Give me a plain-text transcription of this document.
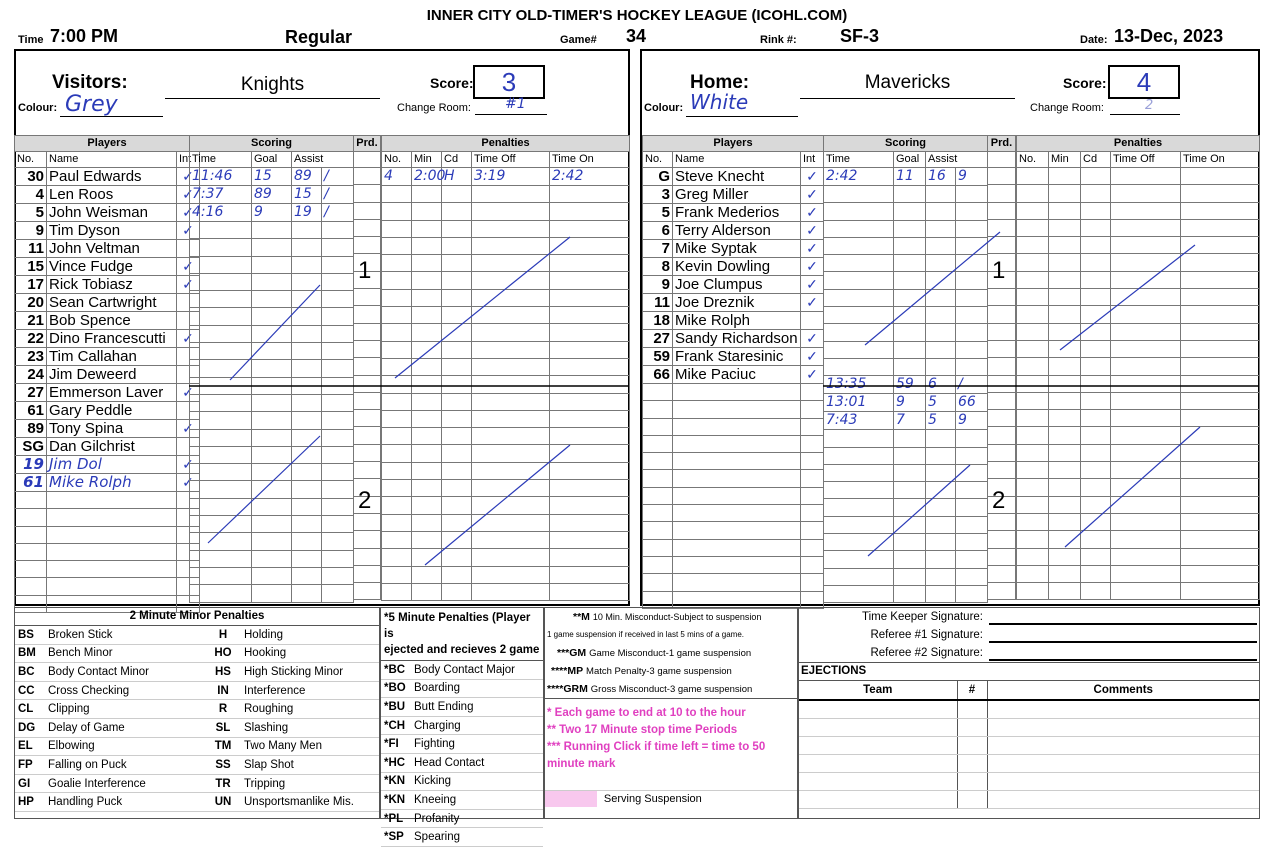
INNER CITY OLD-TIMER'S HOCKEY LEAGUE (ICOHL.COM)
Time 7:00 PM	Regular	Game# 34	Rink #: SF-3	Date: 13-Dec, 2023
Visitors:	Knights
Colour: Grey
Score:	3
Change Room: #1
Players		
No.	Name	Int
30	Paul Edwards	✓
4	Len Roos	✓
5	John Weisman	✓
9	Tim Dyson	✓
11	John Veltman	
15	Vince Fudge	✓
17	Rick Tobiasz	✓
20	Sean Cartwright	
21	Bob Spence	
22	Dino Francescutti	✓
23	Tim Callahan	
24	Jim Deweerd	
27	Emmerson Laver	✓
61	Gary Peddle	
89	Tony Spina	✓
SG	Dan Gilchrist	
19	Jim Dol	✓
61	Mike Rolph	✓

Scoring			
Time	Goal	Assist	
11:46	15	89	/
7:37	89	15	/
4:16	9	19	/

Prd.	Penalties				
No.	Min	Cd	Time Off	Time On
4	2:00	H	3:19	2:42

1
2
Home:	Mavericks
Colour: White
Score:	4
Change Room:	2
Players		
No.	Name	Int
G	Steve Knecht	✓
3	Greg Miller	✓
5	Frank Mederios	✓
6	Terry Alderson	✓
7	Mike Syptak	✓
8	Kevin Dowling	✓
9	Joe Clumpus	✓
11	Joe Dreznik	✓
18	Mike Rolph	
27	Sandy Richardson	✓
59	Frank Staresinic	✓
66	Mike Paciuc	✓

Scoring			
Time	Goal	Assist	
2:42	11	16	9

13:35	59	6	/
13:01	9	5	66
7:43	7	5	9

Prd.	Penalties				
No.	Min	Cd	Time Off	Time On

1
2
2 Minute Minor Penalties
BS	Broken Stick	H	Holding
BM	Bench Minor	HO	Hooking
BC	Body Contact Minor	HS	High Sticking Minor
CC	Cross Checking	IN	Interference
CL	Clipping	R	Roughing
DG	Delay of Game	SL	Slashing
EL	Elbowing	TM	Two Many Men
FP	Falling on Puck	SS	Slap Shot
GI	Goalie Interference	TR	Tripping
HP	Handling Puck	UN	Unsportsmanlike Mis.
*5 Minute Penalties (Player is
ejected and recieves 2 game
*BC	Body Contact Major
*BO	Boarding
*BU	Butt Ending
*CH	Charging
*FI	Fighting
*HC	Head Contact
*KN	Kicking
*KN	Kneeing
*PL	Profanity
*SP	Spearing
**M 10 Min. Misconduct-Subject to suspension
1 game suspension if received in last 5 mins of a game.
***GM Game Misconduct-1 game suspension
****MP Match Penalty-3 game suspension
****GRM Gross Misconduct-3 game suspension
* Each game to end at 10 to the hour
** Two 17 Minute stop time Periods
*** Running Click if time left = time to 50
minute mark
Serving Suspension
Time Keeper Signature:
Referee #1 Signature:
Referee #2 Signature:
EJECTIONS
Team	#	Comments
